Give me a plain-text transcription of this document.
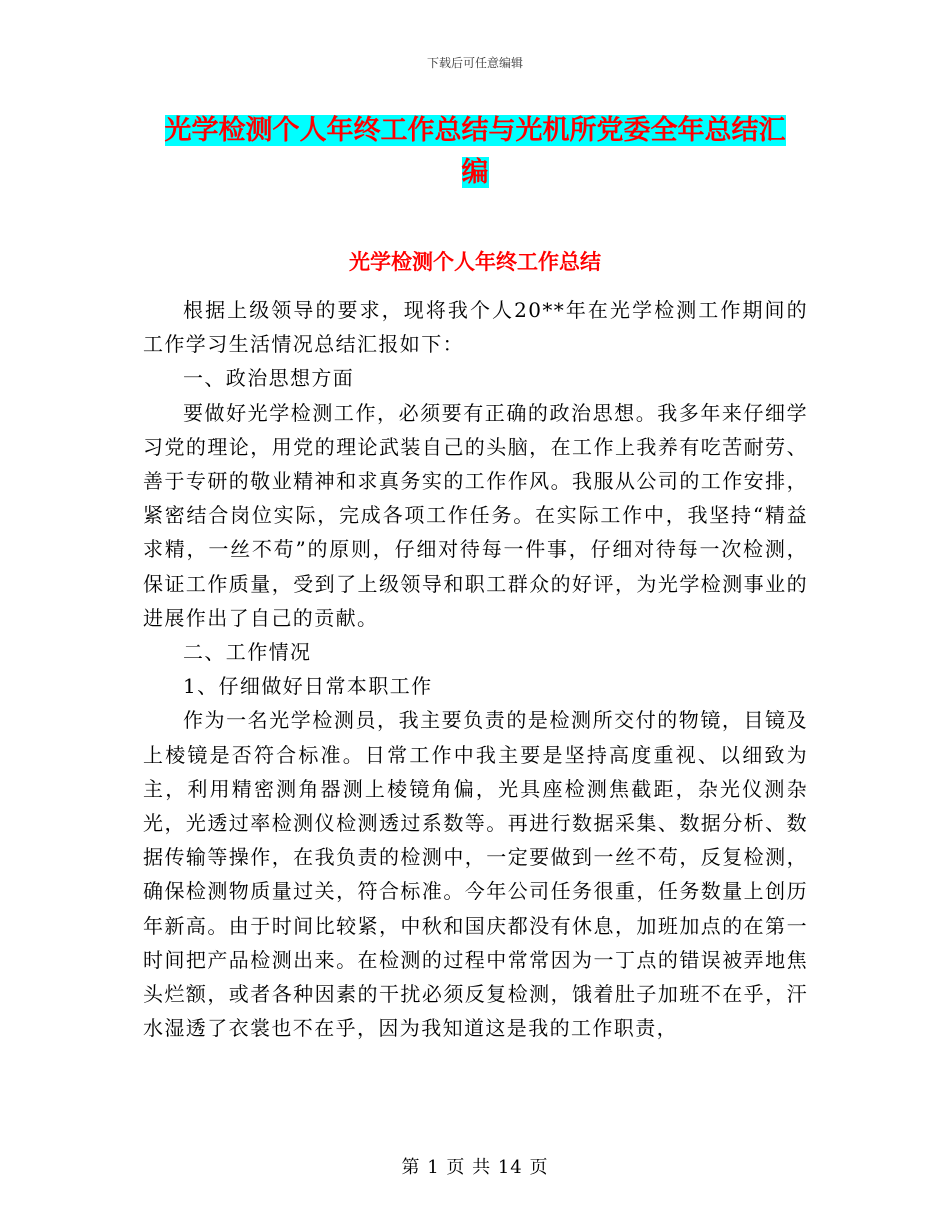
下载后可任意编辑
光学检测个人年终工作总结与光机所党委全年总结汇
编
光学检测个人年终工作总结

根据上级领导的要求，现将我个人20**年在光学检测工作期间的工作学习生活情况总结汇报如下：

一、政治思想方面

要做好光学检测工作，必须要有正确的政治思想。我多年来仔细学习党的理论，用党的理论武装自己的头脑，在工作上我养有吃苦耐劳、善于专研的敬业精神和求真务实的工作作风。我服从公司的工作安排，紧密结合岗位实际，完成各项工作任务。在实际工作中，我坚持“精益求精，一丝不苟”的原则，仔细对待每一件事，仔细对待每一次检测，保证工作质量，受到了上级领导和职工群众的好评，为光学检测事业的进展作出了自己的贡献。

二、工作情况

1、仔细做好日常本职工作

作为一名光学检测员，我主要负责的是检测所交付的物镜，目镜及上棱镜是否符合标准。日常工作中我主要是坚持高度重视、以细致为主，利用精密测角器测上棱镜角偏，光具座检测焦截距，杂光仪测杂光，光透过率检测仪检测透过系数等。再进行数据采集、数据分析、数据传输等操作，在我负责的检测中，一定要做到一丝不苟，反复检测，确保检测物质量过关，符合标准。今年公司任务很重，任务数量上创历年新高。由于时间比较紧，中秋和国庆都没有休息，加班加点的在第一时间把产品检测出来。在检测的过程中常常因为一丁点的错误被弄地焦头烂额，或者各种因素的干扰必须反复检测，饿着肚子加班不在乎，汗水湿透了衣裳也不在乎，因为我知道这是我的工作职责，

第 1 页 共 14 页
